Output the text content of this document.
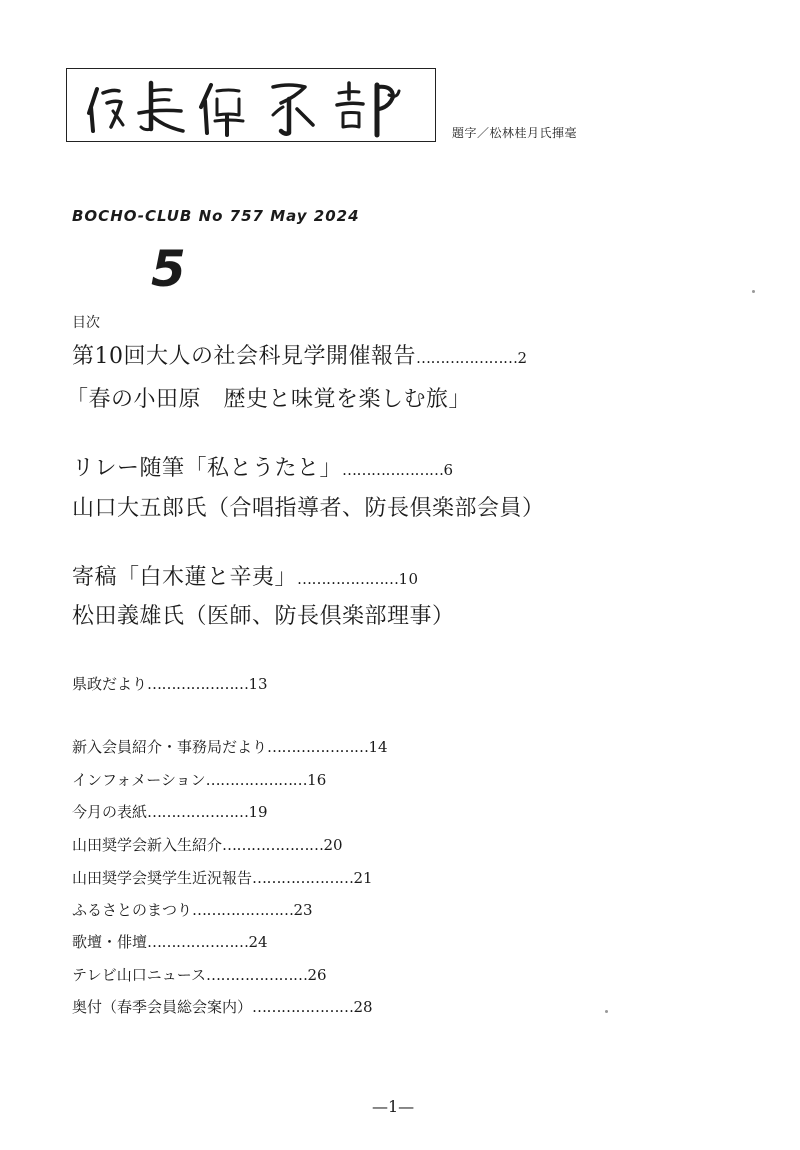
題字／松林桂月氏揮毫
BOCHO-CLUB No 757 May 2024
5
目次
第10回大人の社会科見学開催報告…………………2
「春の小田原　歴史と味覚を楽しむ旅」
リレー随筆「私とうたと」…………………6
山口大五郎氏（合唱指導者、防長倶楽部会員）
寄稿「白木蓮と辛夷」…………………10
松田義雄氏（医師、防長倶楽部理事）
県政だより…………………13
新入会員紹介・事務局だより…………………14
インフォメーション…………………16
今月の表紙…………………19
山田奨学会新入生紹介…………………20
山田奨学会奨学生近況報告…………………21
ふるさとのまつり…………………23
歌壇・俳壇…………………24
テレビ山口ニュース…………………26
奥付（春季会員総会案内）…………………28
—1—
